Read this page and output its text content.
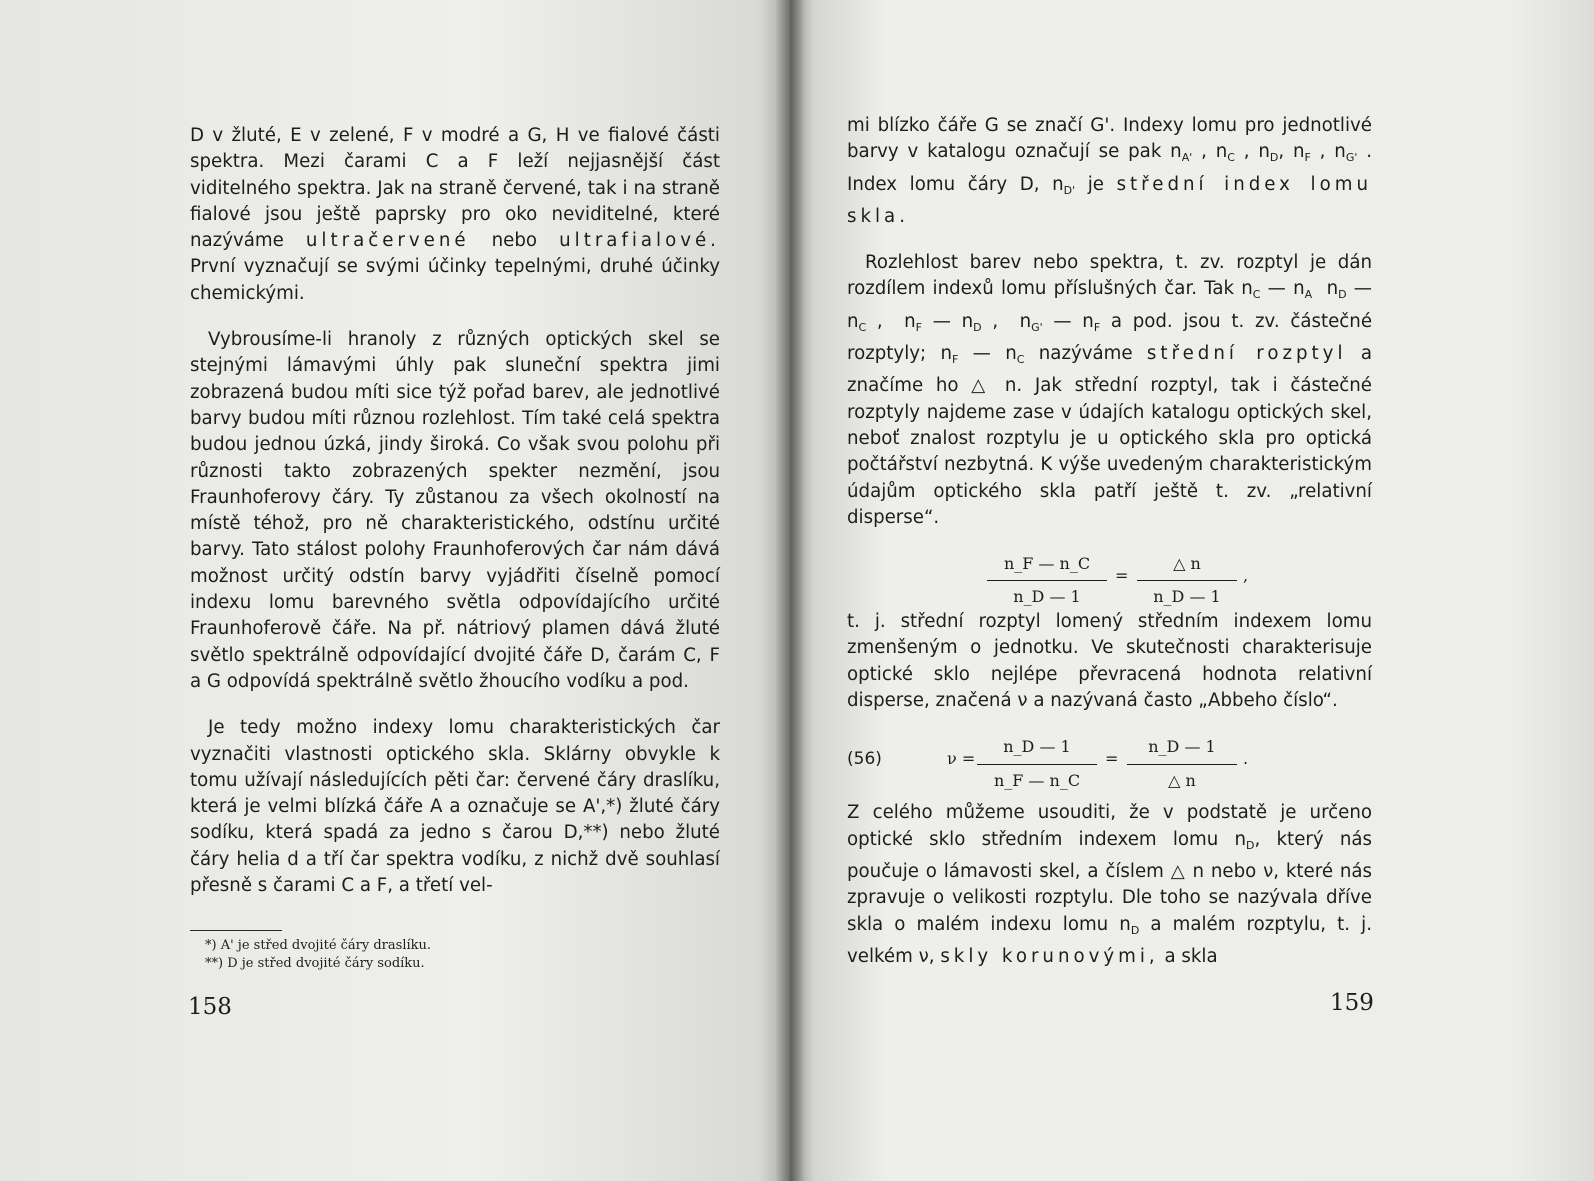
D v žluté, E v zelené, F v modré a G, H ve fialové části spektra. Mezi čarami C a F leží nejjasnější část viditelného spektra. Jak na straně červené, tak i na straně fialové jsou ještě paprsky pro oko neviditelné, které nazýváme ultračervené nebo ultrafialové. První vyznačují se svými účinky tepelnými, druhé účinky chemickými.

Vybrousíme-li hranoly z různých optických skel se stejnými lámavými úhly pak sluneční spektra jimi zobrazená budou míti sice týž pořad barev, ale jednotlivé barvy budou míti různou rozlehlost. Tím také celá spektra budou jednou úzká, jindy široká. Co však svou polohu při různosti takto zobrazených spekter nezmění, jsou Fraunhoferovy čáry. Ty zůstanou za všech okolností na místě téhož, pro ně charakteristického, odstínu určité barvy. Tato stálost polohy Fraunhoferových čar nám dává možnost určitý odstín barvy vyjádřiti číselně pomocí indexu lomu barevného světla odpovídajícího určité Fraunhoferově čáře. Na př. nátriový plamen dává žluté světlo spektrálně odpovídající dvojité čáře D, čarám C, F a G odpovídá spektrálně světlo žhoucího vodíku a pod.

Je tedy možno indexy lomu charakteristických čar vyznačiti vlastnosti optického skla. Sklárny obvykle k tomu užívají následujících pěti čar: červené čáry draslíku, která je velmi blízká čáře A a označuje se A',*) žluté čáry sodíku, která spadá za jedno s čarou D,**) nebo žluté čáry helia d a tří čar spektra vodíku, z nichž dvě souhlasí přesně s čarami C a F, a třetí vel-

*) A' je střed dvojité čáry draslíku.
**) D je střed dvojité čáry sodíku.
158

mi blízko čáře G se značí G'. Indexy lomu pro jednotlivé barvy v katalogu označují se pak $n_{A'}$ , $n_C$ , $n_D$, $n_F$ , $n_{G'}$ . Index lomu čáry D, $n_{D'}$ je střední index lomu skla.

Rozlehlost barev nebo spektra, t. zv. rozptyl je dán rozdílem indexů lomu příslušných čar. Tak $n_C$ — $n_A$  $n_D$ — $n_C$ ,  $n_F$ — $n_D$ ,  $n_{G'}$ — $n_F$ a pod. jsou t. zv. částečné rozptyly; $n_F$ — $n_C$ nazýváme střední rozptyl a značíme ho △ n. Jak střední rozptyl, tak i částečné rozptyly najdeme zase v údajích katalogu optických skel, neboť znalost rozptylu je u optického skla pro optická počtářství nezbytná. K výše uvedeným charakteristickým údajům optického skla patří ještě t. zv. „relativní disperse“.

$\frac{n\_F — n\_C}{n\_D — 1} = \frac{\triangle n}{n\_D — 1}$ ,

t. j. střední rozptyl lomený středním indexem lomu zmenšeným o jednotku. Ve skutečnosti charakterisuje optické sklo nejlépe převracená hodnota relativní disperse, značená ν a nazývaná často „Abbeho číslo“.

(56)	$\nu = \frac{n\_D — 1}{n\_F — n\_C} = \frac{n\_D — 1}{\triangle n}$ .

Z celého můžeme usouditi, že v podstatě je určeno optické sklo středním indexem lomu $n_D$, který nás poučuje o lámavosti skel, a číslem △ n nebo ν, které nás zpravuje o velikosti rozptylu. Dle toho se nazývala dříve skla o malém indexu lomu $n_D$ a malém rozptylu, t. j. velkém ν, skly korunovými, a skla

159
